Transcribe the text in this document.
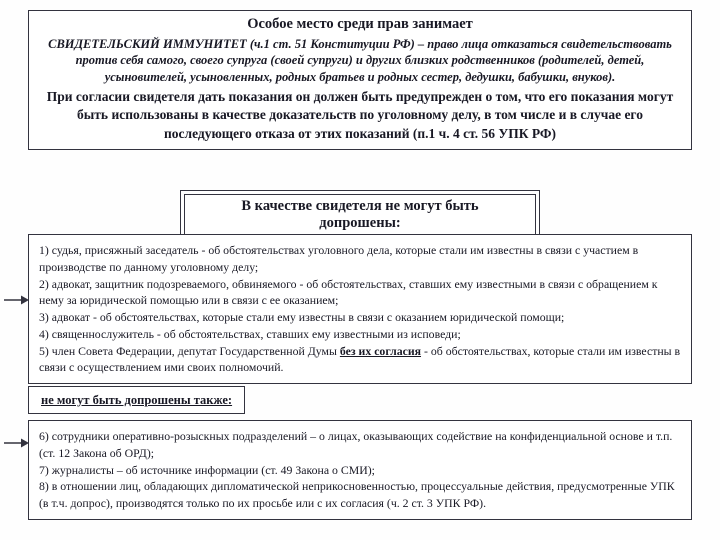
Особое место среди прав занимает
СВИДЕТЕЛЬСКИЙ ИММУНИТЕТ (ч.1 ст. 51 Конституции РФ) – право лица отказаться свидетельствовать против себя самого, своего супруга (своей супруги) и других близких родственников (родителей, детей, усыновителей, усыновленных, родных братьев и родных сестер, дедушки, бабушки, внуков).
При согласии свидетеля дать показания он должен быть предупрежден о том, что его показания могут быть использованы в качестве доказательств по уголовному делу, в том числе и в случае его последующего отказа от этих показаний (п.1 ч. 4 ст. 56 УПК РФ)
В качестве свидетеля не могут быть допрошены:
1) судья, присяжный заседатель - об обстоятельствах уголовного дела, которые стали им известны в связи с участием в производстве по данному уголовному делу;
2) адвокат, защитник подозреваемого, обвиняемого - об обстоятельствах, ставших ему известными в связи с обращением к нему за юридической помощью или в связи с ее оказанием;
3) адвокат - об обстоятельствах, которые стали ему известны в связи с оказанием юридической помощи;
4) священнослужитель - об обстоятельствах, ставших ему известными из исповеди;
5) член Совета Федерации, депутат Государственной Думы без их согласия - об обстоятельствах, которые стали им известны в связи с осуществлением ими своих полномочий.
не могут быть допрошены также:
6) сотрудники оперативно-розыскных подразделений – о лицах, оказывающих содействие на конфиденциальной основе и т.п. (ст. 12 Закона об ОРД);
7) журналисты – об источнике информации (ст. 49 Закона о СМИ);
8) в отношении лиц, обладающих дипломатической неприкосновенностью, процессуальные действия, предусмотренные УПК (в т.ч. допрос), производятся только по их просьбе или с их согласия (ч. 2 ст. 3 УПК РФ).
